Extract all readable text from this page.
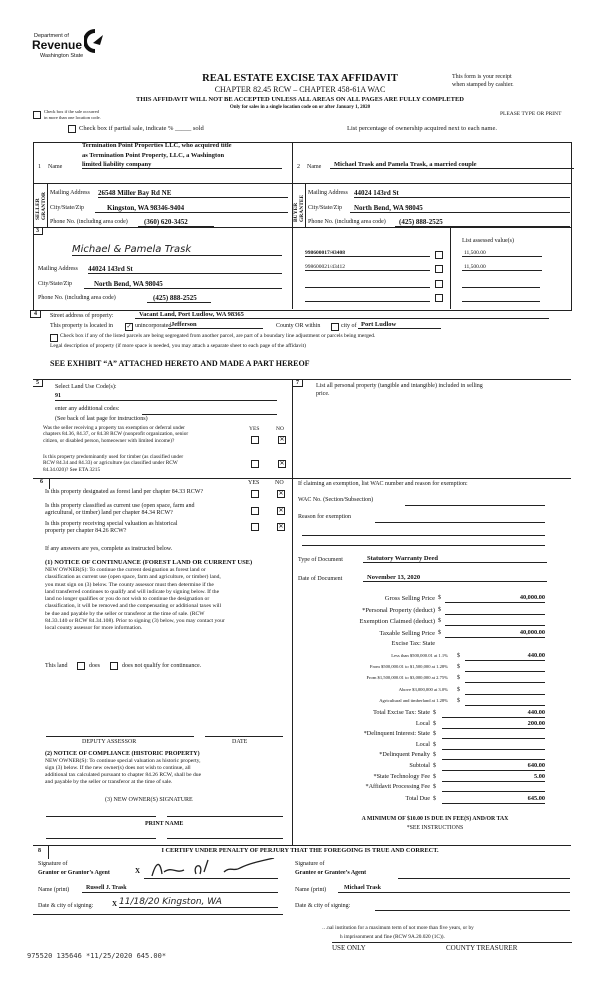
Department of
Revenue
Washington State
REAL ESTATE EXCISE TAX AFFIDAVIT
CHAPTER 82.45 RCW – CHAPTER 458-61A WAC
THIS AFFIDAVIT WILL NOT BE ACCEPTED UNLESS ALL AREAS ON ALL PAGES ARE FULLY COMPLETED
Only for sales in a single location code on or after January 1, 2020
This form is your receipt
when stamped by cashier.
Check box if the sale occurred
in more than one location code.
PLEASE TYPE OR PRINT
Check box if partial sale, indicate % _____ sold	List percentage of ownership acquired next to each name.
1 Name
Termination Point Properties LLC, who acquired title
as Termination Point Property, LLC, a Washington
limited liability company
SELLER GRANTOR Mailing Address 26548 Miller Bay Rd NE
City/State/Zip	Kingston, WA 98346-9404
Phone No. (including area code)	(360) 620-3452
2 Name	Michael Trask and Pamela Trask, a married couple
BUYER GRANTEE
Mailing Address 44024 143rd St
City/State/Zip	North Bend, WA 98045
Phone No. (including area code)	(425) 888-2525
3
Michael & Pamela Trask
Mailing Address 44024 143rd St
City/State/Zip	North Bend, WA 98045
Phone No. (including area code)	(425) 888-2525
List assessed value(s)
998600017/43408	11,500.00
998600021/43412	11,500.00
4	Street address of property:	Vacant Land, Port Ludlow, WA 98365
This property is located in ✓ unincorporated Jefferson	County OR within	city of Port Ludlow
Check box if any of the listed parcels are being segregated from another parcel, are part of a boundary line adjustment or parcels being merged.
Legal description of property (if more space is needed, you may attach a separate sheet to each page of the affidavit)
SEE EXHIBIT “A” ATTACHED HERETO AND MADE A PART HEREOF
5
Select Land Use Code(s):
91
enter any additional codes:
(See back of last page for instructions)
YES	NO
Was the seller receiving a property tax exemption or deferral under
chapters 84.36, 84.37, or 84.38 RCW (nonprofit organization, senior
citizen, or disabled person, homeowner with limited income)?	✕
Is this property predominantly used for timber (as classified under
RCW 84.34 and 84.33) or agriculture (as classified under RCW
84.34.020)? See ETA 3215
✕
7	List all personal property (tangible and intangible) included in selling
price.
6	YES	NO
Is this property designated as forest land per chapter 84.33 RCW?	✕
Is this property classified as current use (open space, farm and
agricultural, or timber) land per chapter 84.34 RCW?	✕
Is this property receiving special valuation as historical
property per chapter 84.26 RCW?
✕
If any answers are yes, complete as instructed below.
(1) NOTICE OF CONTINUANCE (FOREST LAND OR CURRENT USE)
NEW OWNER(S): To continue the current designation as forest land or
classification as current use (open space, farm and agriculture, or timber) land,
you must sign on (3) below. The county assessor must then determine if the
land transferred continues to qualify and will indicate by signing below. If the
land no longer qualifies or you do not wish to continue the designation or
classification, it will be removed and the compensating or additional taxes will
be due and payable by the seller or transferor at the time of sale. (RCW
84.33.140 or RCW 84.34.108). Prior to signing (3) below, you may contact your
local county assessor for more information.
This land	does	does not qualify for continuance.
DEPUTY ASSESSOR	DATE
(2) NOTICE OF COMPLIANCE (HISTORIC PROPERTY)
NEW OWNER(S): To continue special valuation as historic property,
sign (3) below. If the new owner(s) does not wish to continue, all
additional tax calculated pursuant to chapter 84.26 RCW, shall be due
and payable by the seller or transferor at the time of sale.
(3) NEW OWNER(S) SIGNATURE
PRINT NAME
If claiming an exemption, list WAC number and reason for exemption:
WAC No. (Section/Subsection)
Reason for exemption
Type of Document	Statutory Warranty Deed
Date of Document	November 13, 2020
Gross Selling Price $	40,000.00
*Personal Property (deduct) $
Exemption Claimed (deduct) $
Taxable Selling Price $	40,000.00
Less than $500,000.01 at 1.1% $	440.00
From $500,000.01 to $1,500,000 at 1.28% $
From $1,500,000.01 to $3,000,000 at 2.75% $
Above $3,000,000 at 3.0% $
Agricultural and timberland at 1.28% $
Total Excise Tax: State $	440.00
Local $	200.00
*Delinquent Interest: State $
Local $
*Delinquent Penalty $
Subtotal $	640.00
*State Technology Fee $	5.00
*Affidavit Processing Fee $
Total Due $	645.00
Excise Tax: State
A MINIMUM OF $10.00 IS DUE IN FEE(S) AND/OR TAX
*SEE INSTRUCTIONS
8	I CERTIFY UNDER PENALTY OF PERJURY THAT THE FOREGOING IS TRUE AND CORRECT.
Signature of
Grantor or Grantor’s Agent	X
Name (print)	Russell J. Trask
Date & city of signing:	X 11/18/20 Kingston, WA
Signature of
Grantee or Grantee’s Agent
Name (print)	Michael Trask
Date & city of signing:
…nal institution for a maximum term of not more than five years, or by
h imprisonment and fine (RCW 9A.20.020 (1C)).
USE ONLY	COUNTY TREASURER
975520 135646 *11/25/2020 645.00*
